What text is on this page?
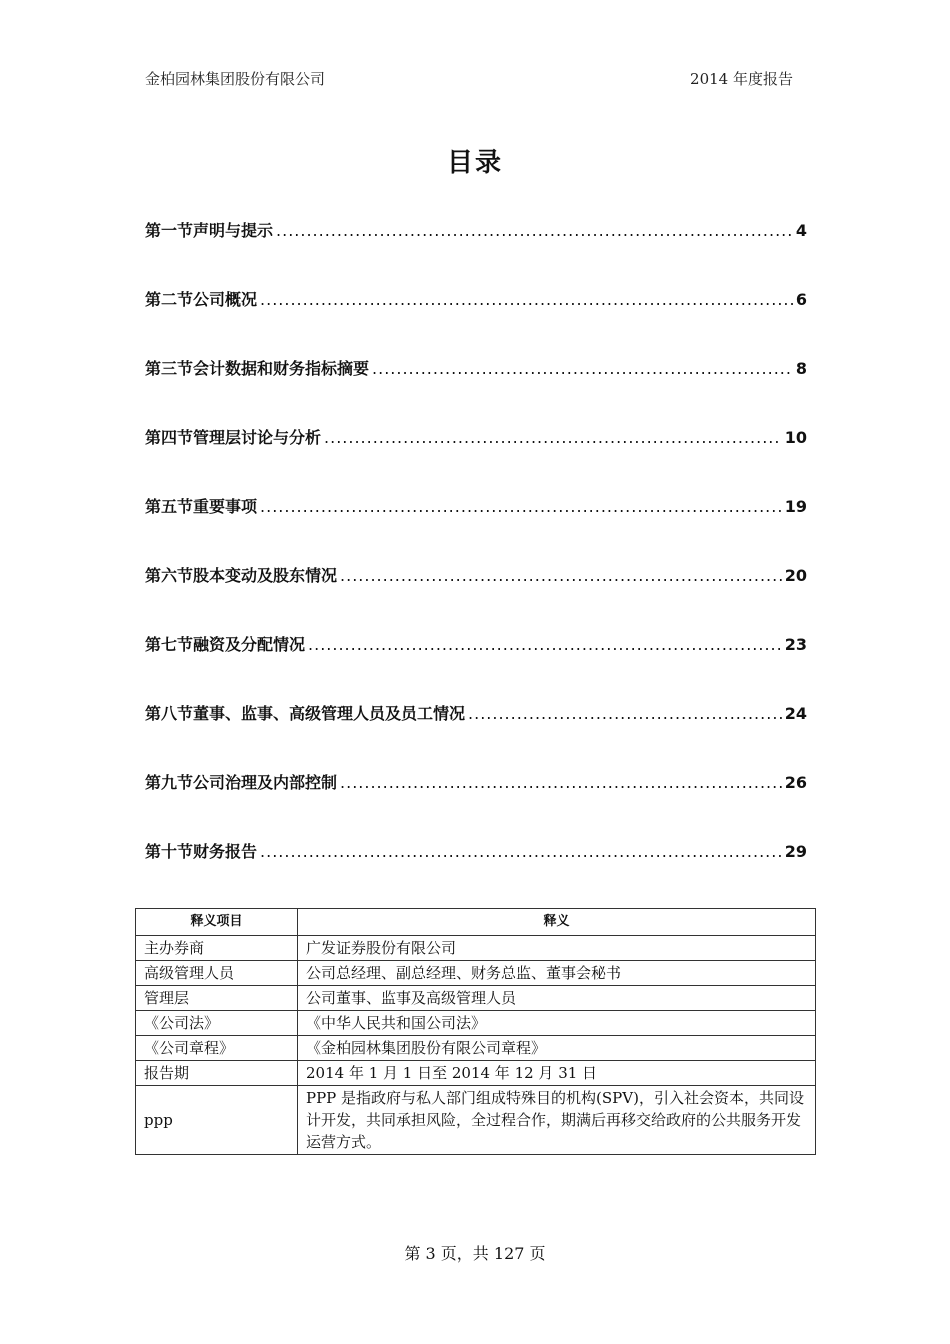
金柏园林集团股份有限公司	2014 年度报告
目录
第一节声明与提示 .....	4
第二节公司概况 .....	6
第三节会计数据和财务指标摘要 .....	8
第四节管理层讨论与分析 .....	10
第五节重要事项 .....	19
第六节股本变动及股东情况 .....	20
第七节融资及分配情况 .....	23
第八节董事、监事、高级管理人员及员工情况 .....	24
第九节公司治理及内部控制 .....	26
第十节财务报告 .....	29
释义项目	释义
主办券商	广发证券股份有限公司
高级管理人员	公司总经理、副总经理、财务总监、董事会秘书
管理层	公司董事、监事及高级管理人员
《公司法》	《中华人民共和国公司法》
《公司章程》	《金柏园林集团股份有限公司章程》
报告期	2014 年 1 月 1 日至 2014 年 12 月 31 日
ppp	PPP 是指政府与私人部门组成特殊目的机构(SPV)，引入社会资本，共同设计开发，共同承担风险，全过程合作，期满后再移交给政府的公共服务开发运营方式。
第 3 页，共 127 页
